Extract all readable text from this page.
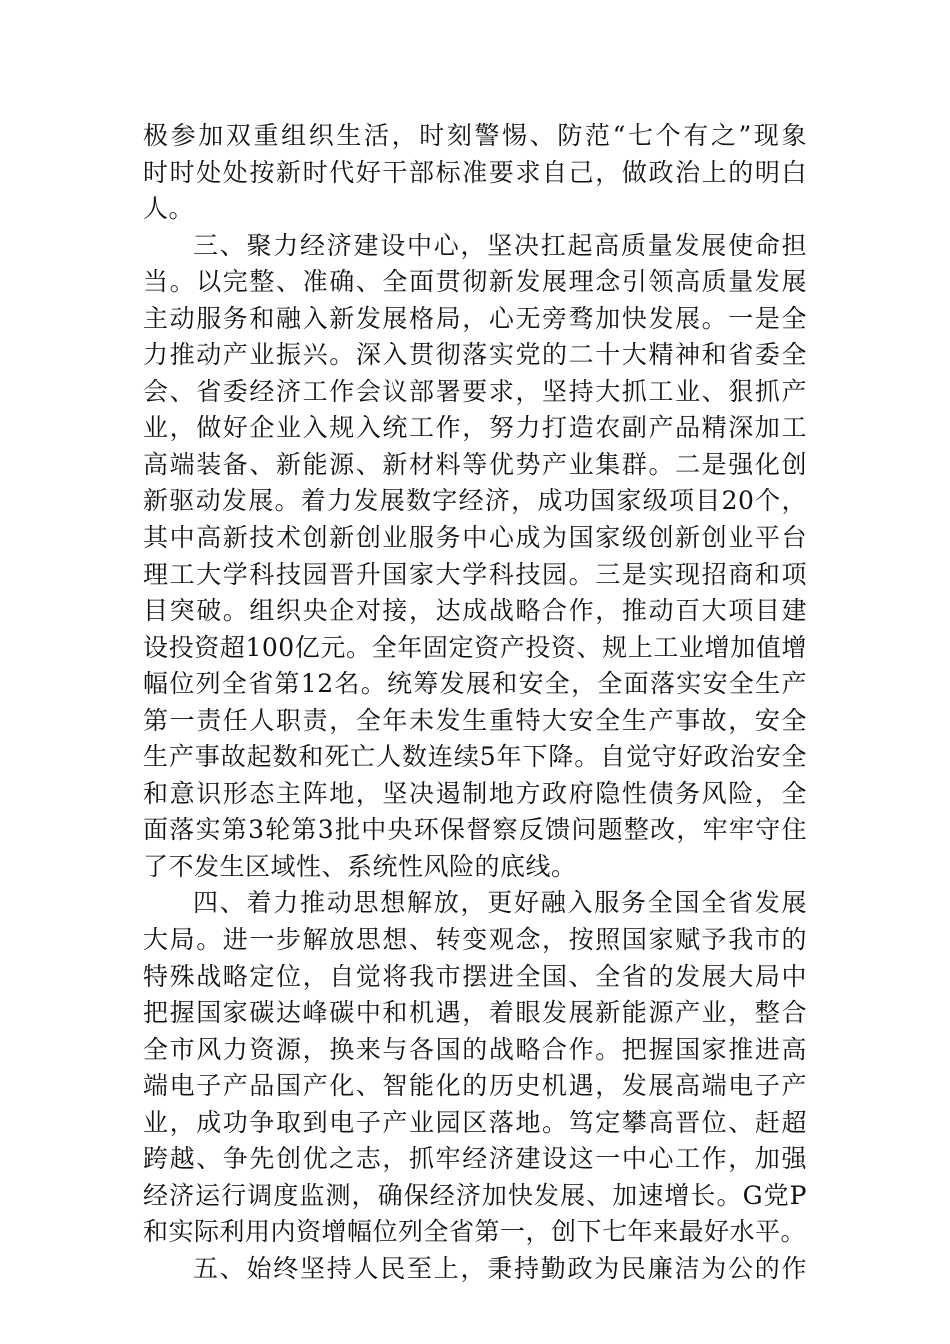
极参加双重组织生活，时刻警惕、防范“七个有之”现象
时时处处按新时代好干部标准要求自己，做政治上的明白
人。
三、聚力经济建设中心，坚决扛起高质量发展使命担
当。以完整、准确、全面贯彻新发展理念引领高质量发展
主动服务和融入新发展格局，心无旁骛加快发展。一是全
力推动产业振兴。深入贯彻落实党的二十大精神和省委全
会、省委经济工作会议部署要求，坚持大抓工业、狠抓产
业，做好企业入规入统工作，努力打造农副产品精深加工
高端装备、新能源、新材料等优势产业集群。二是强化创
新驱动发展。着力发展数字经济，成功国家级项目20个，
其中高新技术创新创业服务中心成为国家级创新创业平台
理工大学科技园晋升国家大学科技园。三是实现招商和项
目突破。组织央企对接，达成战略合作，推动百大项目建
设投资超100亿元。全年固定资产投资、规上工业增加值增
幅位列全省第12名。统筹发展和安全，全面落实安全生产
第一责任人职责，全年未发生重特大安全生产事故，安全
生产事故起数和死亡人数连续5年下降。自觉守好政治安全
和意识形态主阵地，坚决遏制地方政府隐性债务风险，全
面落实第3轮第3批中央环保督察反馈问题整改，牢牢守住
了不发生区域性、系统性风险的底线。
四、着力推动思想解放，更好融入服务全国全省发展
大局。进一步解放思想、转变观念，按照国家赋予我市的
特殊战略定位，自觉将我市摆进全国、全省的发展大局中
把握国家碳达峰碳中和机遇，着眼发展新能源产业，整合
全市风力资源，换来与各国的战略合作。把握国家推进高
端电子产品国产化、智能化的历史机遇，发展高端电子产
业，成功争取到电子产业园区落地。笃定攀高晋位、赶超
跨越、争先创优之志，抓牢经济建设这一中心工作，加强
经济运行调度监测，确保经济加快发展、加速增长。G党P
和实际利用内资增幅位列全省第一，创下七年来最好水平。
五、始终坚持人民至上，秉持勤政为民廉洁为公的作
